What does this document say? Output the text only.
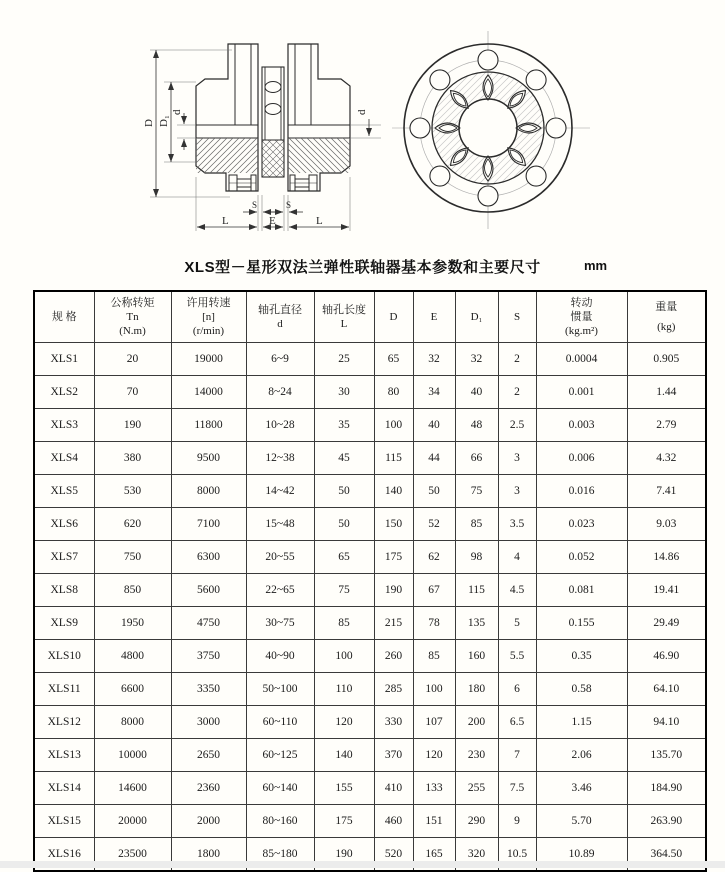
D D₁
d	d
S	S
L	E	L
XLS型－星形双法兰弹性联轴器基本参数和主要尺寸	mm
规 格

公称转矩
Tn
(N.m)

许用转速
[n]
(r/min)

轴孔直径
d

轴孔长度
L

D	E	D₁	S

转动
惯量
(kg.m²)

重量
(kg)

XLS1	20	19000	6~9	25	65	32	32	2	0.0004	0.905
XLS2	70	14000	8~24	30	80	34	40	2	0.001	1.44
XLS3	190	11800	10~28	35	100	40	48	2.5	0.003	2.79
XLS4	380	9500	12~38	45	115	44	66	3	0.006	4.32
XLS5	530	8000	14~42	50	140	50	75	3	0.016	7.41
XLS6	620	7100	15~48	50	150	52	85	3.5	0.023	9.03
XLS7	750	6300	20~55	65	175	62	98	4	0.052	14.86
XLS8	850	5600	22~65	75	190	67	115	4.5	0.081	19.41
XLS9	1950	4750	30~75	85	215	78	135	5	0.155	29.49
XLS10	4800	3750	40~90	100	260	85	160	5.5	0.35	46.90
XLS11	6600	3350	50~100	110	285	100	180	6	0.58	64.10
XLS12	8000	3000	60~110	120	330	107	200	6.5	1.15	94.10
XLS13	10000	2650	60~125	140	370	120	230	7	2.06	135.70
XLS14	14600	2360	60~140	155	410	133	255	7.5	3.46	184.90
XLS15	20000	2000	80~160	175	460	151	290	9	5.70	263.90
XLS16	23500	1800	85~180	190	520	165	320	10.5	10.89	364.50
